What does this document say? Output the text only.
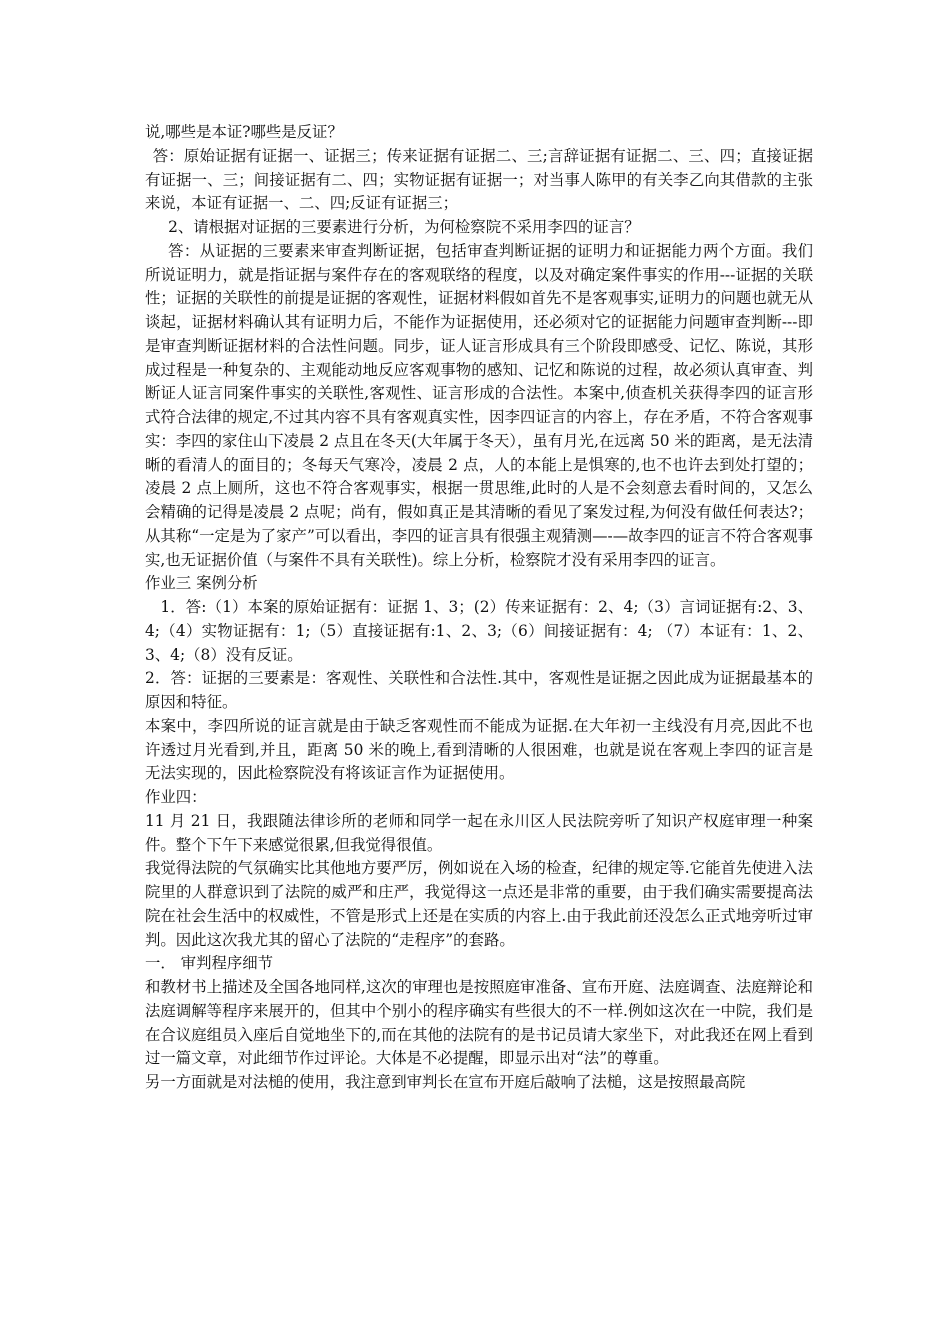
说,哪些是本证?哪些是反证？

答：原始证据有证据一、证据三；传来证据有证据二、三;言辞证据有证据二、三、四；直接证据有证据一、三；间接证据有二、四；实物证据有证据一；对当事人陈甲的有关李乙向其借款的主张来说，本证有证据一、二、四;反证有证据三；

2、请根据对证据的三要素进行分析，为何检察院不采用李四的证言？

答：从证据的三要素来审查判断证据，包括审查判断证据的证明力和证据能力两个方面。我们所说证明力，就是指证据与案件存在的客观联络的程度，以及对确定案件事实的作用---证据的关联性；证据的关联性的前提是证据的客观性，证据材料假如首先不是客观事实,证明力的问题也就无从谈起，证据材料确认其有证明力后，不能作为证据使用，还必须对它的证据能力问题审查判断---即是审查判断证据材料的合法性问题。同步，证人证言形成具有三个阶段即感受、记忆、陈说，其形成过程是一种复杂的、主观能动地反应客观事物的感知、记忆和陈说的过程，故必须认真审查、判断证人证言同案件事实的关联性,客观性、证言形成的合法性。本案中,侦查机关获得李四的证言形式符合法律的规定,不过其内容不具有客观真实性，因李四证言的内容上，存在矛盾，不符合客观事实：李四的家住山下凌晨 2 点且在冬天(大年属于冬天），虽有月光,在远离 50 米的距离，是无法清晰的看清人的面目的；冬每天气寒冷，凌晨 2 点，人的本能上是惧寒的,也不也许去到处打望的；凌晨 2 点上厕所，这也不符合客观事实，根据一贯思维,此时的人是不会刻意去看时间的，又怎么会精确的记得是凌晨 2 点呢；尚有，假如真正是其清晰的看见了案发过程,为何没有做任何表达?；从其称“一定是为了家产”可以看出，李四的证言具有很强主观猜测—-—故李四的证言不符合客观事实,也无证据价值（与案件不具有关联性)。综上分析，检察院才没有采用李四的证言。

作业三 案例分析

1．答:（1）本案的原始证据有：证据 1、3；(2）传来证据有：2、4;（3）言词证据有:2、3、4;（4）实物证据有：1;（5）直接证据有:1、2、3;（6）间接证据有：4; （7）本证有：1、2、3、4;（8）没有反证。

2．答：证据的三要素是：客观性、关联性和合法性.其中，客观性是证据之因此成为证据最基本的原因和特征。

本案中，李四所说的证言就是由于缺乏客观性而不能成为证据.在大年初一主线没有月亮,因此不也许透过月光看到,并且，距离 50 米的晚上,看到清晰的人很困难，也就是说在客观上李四的证言是无法实现的，因此检察院没有将该证言作为证据使用。

作业四：

11 月 21 日，我跟随法律诊所的老师和同学一起在永川区人民法院旁听了知识产权庭审理一种案件。整个下午下来感觉很累,但我觉得很值。

我觉得法院的气氛确实比其他地方要严厉，例如说在入场的检查，纪律的规定等.它能首先使进入法院里的人群意识到了法院的威严和庄严，我觉得这一点还是非常的重要，由于我们确实需要提高法院在社会生活中的权威性，不管是形式上还是在实质的内容上.由于我此前还没怎么正式地旁听过审判。因此这次我尤其的留心了法院的“走程序”的套路。

一． 审判程序细节

和教材书上描述及全国各地同样,这次的审理也是按照庭审准备、宣布开庭、法庭调查、法庭辩论和法庭调解等程序来展开的，但其中个别小的程序确实有些很大的不一样.例如这次在一中院，我们是在合议庭组员入座后自觉地坐下的,而在其他的法院有的是书记员请大家坐下，对此我还在网上看到过一篇文章，对此细节作过评论。大体是不必提醒，即显示出对“法”的尊重。

另一方面就是对法槌的使用，我注意到审判长在宣布开庭后敲响了法槌，这是按照最高院
